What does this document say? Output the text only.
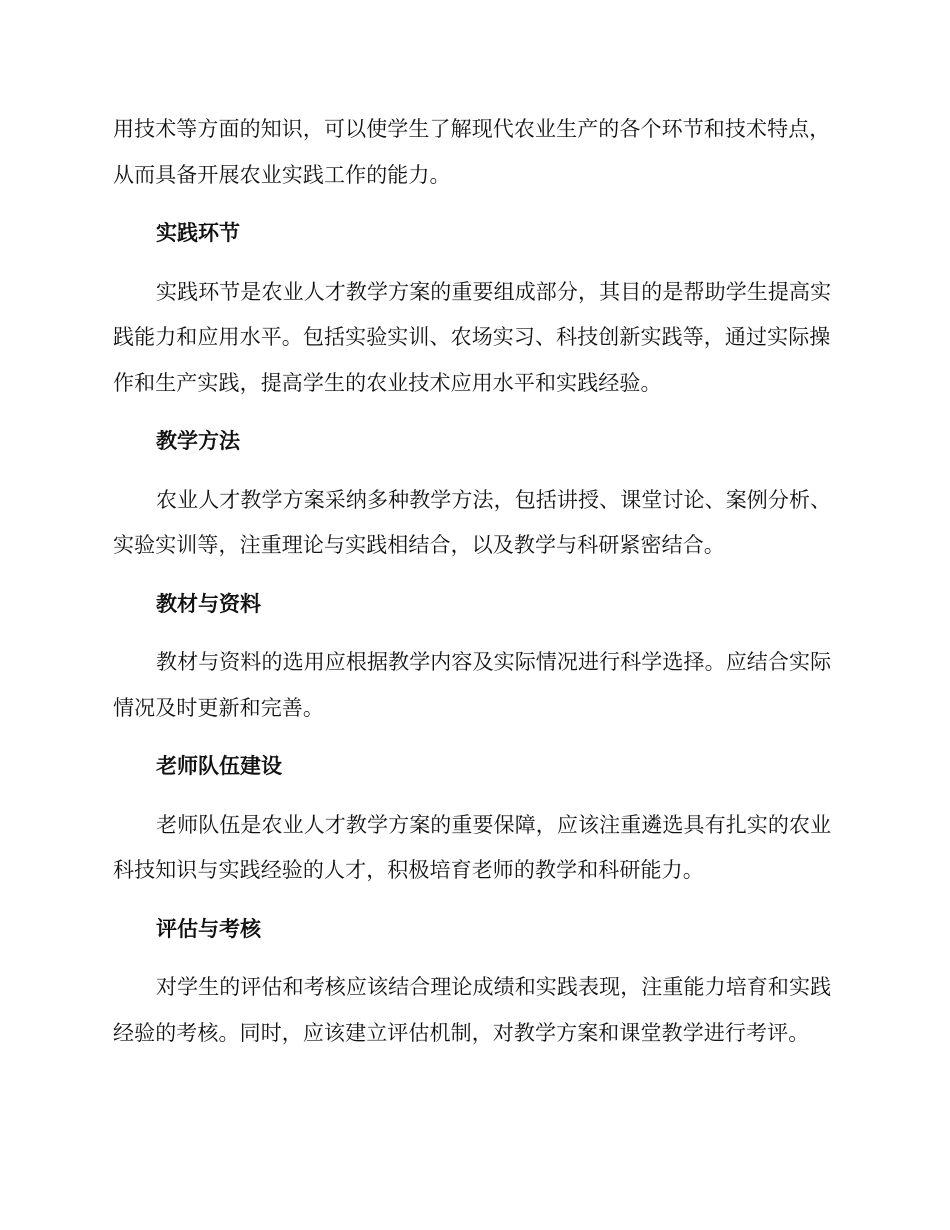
用技术等方面的知识，可以使学生了解现代农业生产的各个环节和技术特点，从而具备开展农业实践工作的能力。

实践环节

实践环节是农业人才教学方案的重要组成部分，其目的是帮助学生提高实践能力和应用水平。包括实验实训、农场实习、科技创新实践等，通过实际操作和生产实践，提高学生的农业技术应用水平和实践经验。

教学方法

农业人才教学方案采纳多种教学方法，包括讲授、课堂讨论、案例分析、实验实训等，注重理论与实践相结合，以及教学与科研紧密结合。

教材与资料

教材与资料的选用应根据教学内容及实际情况进行科学选择。应结合实际情况及时更新和完善。

老师队伍建设

老师队伍是农业人才教学方案的重要保障，应该注重遴选具有扎实的农业科技知识与实践经验的人才，积极培育老师的教学和科研能力。

评估与考核

对学生的评估和考核应该结合理论成绩和实践表现，注重能力培育和实践经验的考核。同时，应该建立评估机制，对教学方案和课堂教学进行考评。
